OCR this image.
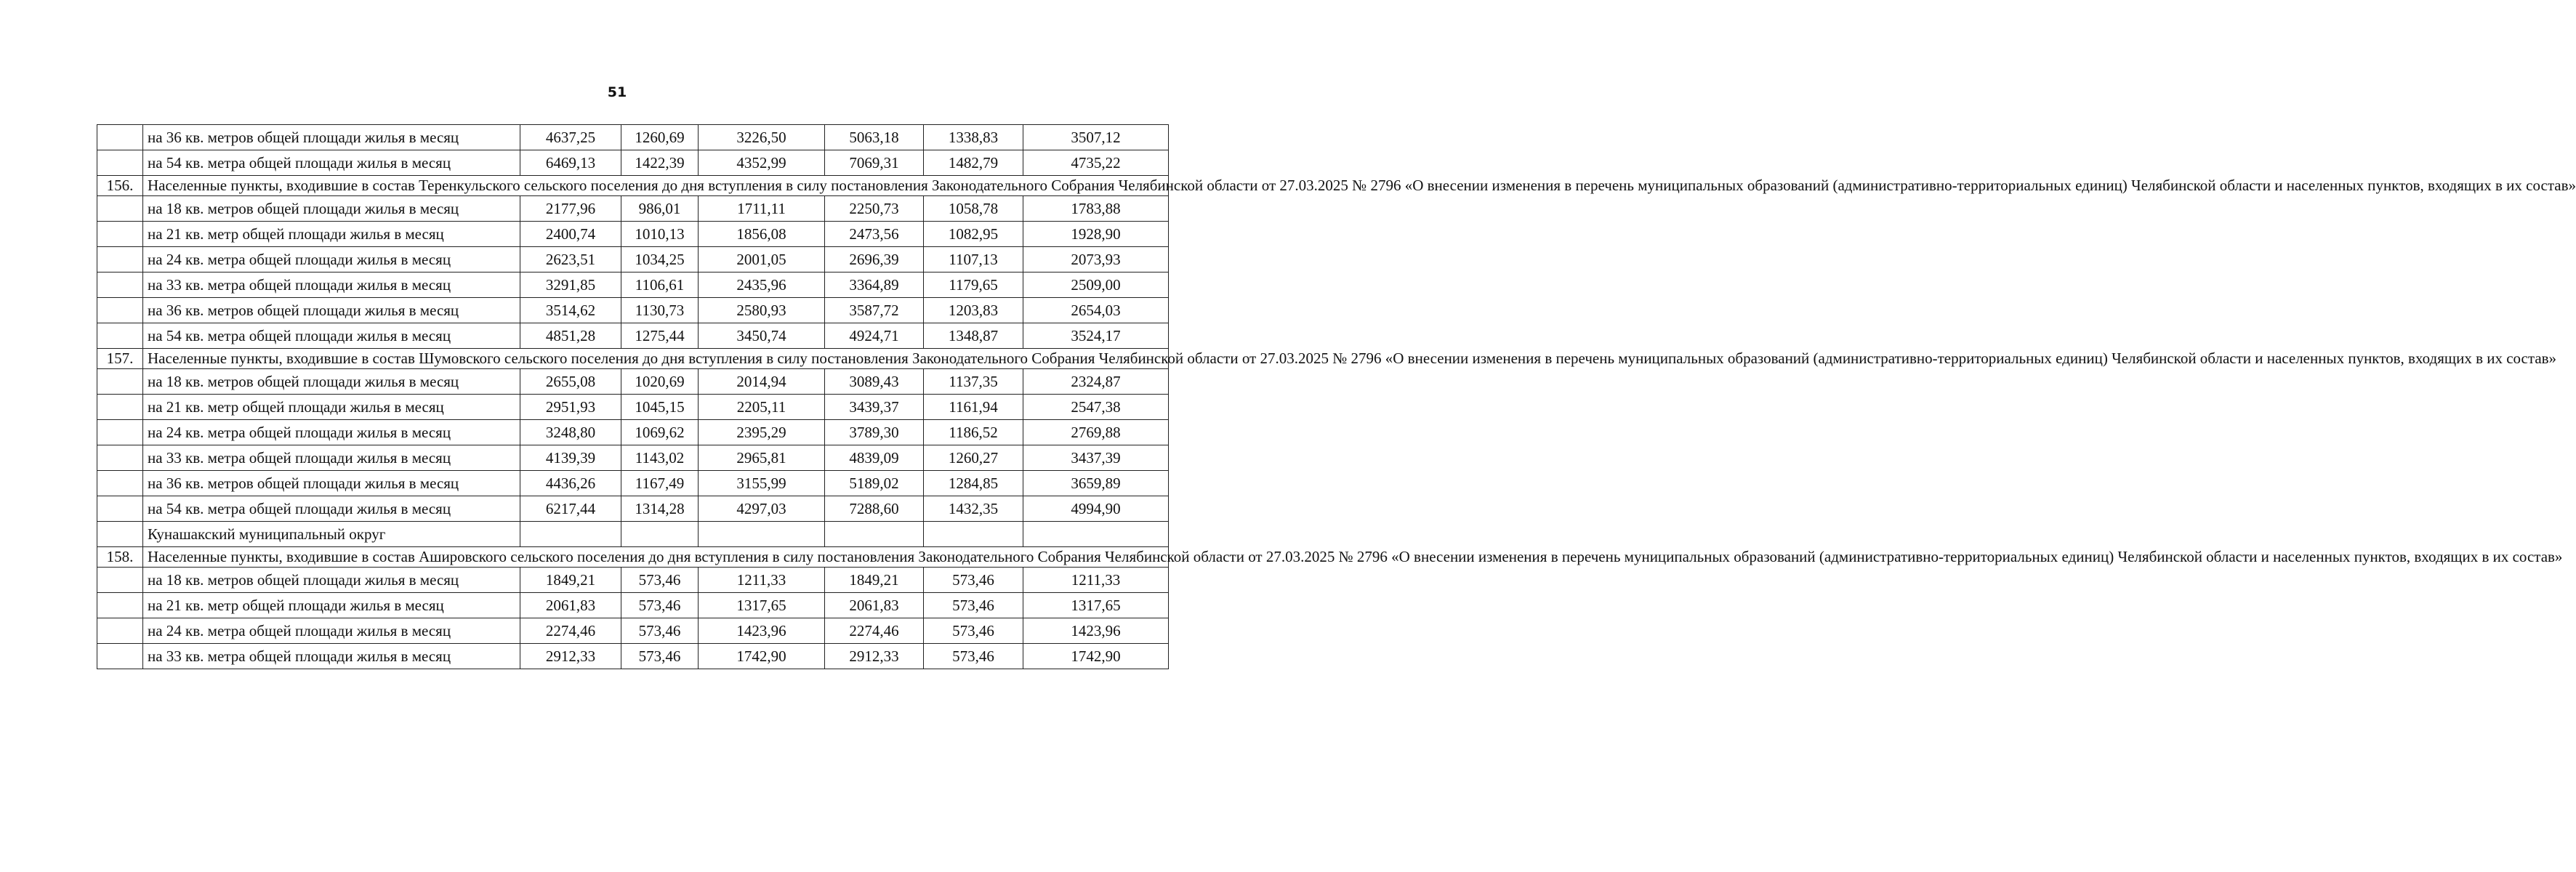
51
	на 36 кв. метров общей площади жилья в месяц	4637,25	1260,69	3226,50	5063,18	1338,83	3507,12
	на 54 кв. метра общей площади жилья в месяц	6469,13	1422,39	4352,99	7069,31	1482,79	4735,22
156.	Населенные пункты, входившие в состав Теренкульского сельского поселения до дня вступления в силу постановления Законодательного Собрания Челябинской области от 27.03.2025 № 2796 «О внесении изменения в перечень муниципальных образований (административно-территориальных единиц) Челябинской области и населенных пунктов, входящих в их состав»						
	на 18 кв. метров общей площади жилья в месяц	2177,96	986,01	1711,11	2250,73	1058,78	1783,88
	на 21 кв. метр общей площади жилья в месяц	2400,74	1010,13	1856,08	2473,56	1082,95	1928,90
	на 24 кв. метра общей площади жилья в месяц	2623,51	1034,25	2001,05	2696,39	1107,13	2073,93
	на 33 кв. метра общей площади жилья в месяц	3291,85	1106,61	2435,96	3364,89	1179,65	2509,00
	на 36 кв. метров общей площади жилья в месяц	3514,62	1130,73	2580,93	3587,72	1203,83	2654,03
	на 54 кв. метра общей площади жилья в месяц	4851,28	1275,44	3450,74	4924,71	1348,87	3524,17
157.	Населенные пункты, входившие в состав Шумовского сельского поселения до дня вступления в силу постановления Законодательного Собрания Челябинской области от 27.03.2025 № 2796 «О внесении изменения в перечень муниципальных образований (административно-территориальных единиц) Челябинской области и населенных пунктов, входящих в их состав»						
	на 18 кв. метров общей площади жилья в месяц	2655,08	1020,69	2014,94	3089,43	1137,35	2324,87
	на 21 кв. метр общей площади жилья в месяц	2951,93	1045,15	2205,11	3439,37	1161,94	2547,38
	на 24 кв. метра общей площади жилья в месяц	3248,80	1069,62	2395,29	3789,30	1186,52	2769,88
	на 33 кв. метра общей площади жилья в месяц	4139,39	1143,02	2965,81	4839,09	1260,27	3437,39
	на 36 кв. метров общей площади жилья в месяц	4436,26	1167,49	3155,99	5189,02	1284,85	3659,89
	на 54 кв. метра общей площади жилья в месяц	6217,44	1314,28	4297,03	7288,60	1432,35	4994,90
	Кунашакский муниципальный округ						
158.	Населенные пункты, входившие в состав Ашировского сельского поселения до дня вступления в силу постановления Законодательного Собрания Челябинской области от 27.03.2025 № 2796 «О внесении изменения в перечень муниципальных образований (административно-территориальных единиц) Челябинской области и населенных пунктов, входящих в их состав»						
	на 18 кв. метров общей площади жилья в месяц	1849,21	573,46	1211,33	1849,21	573,46	1211,33
	на 21 кв. метр общей площади жилья в месяц	2061,83	573,46	1317,65	2061,83	573,46	1317,65
	на 24 кв. метра общей площади жилья в месяц	2274,46	573,46	1423,96	2274,46	573,46	1423,96
	на 33 кв. метра общей площади жилья в месяц	2912,33	573,46	1742,90	2912,33	573,46	1742,90
